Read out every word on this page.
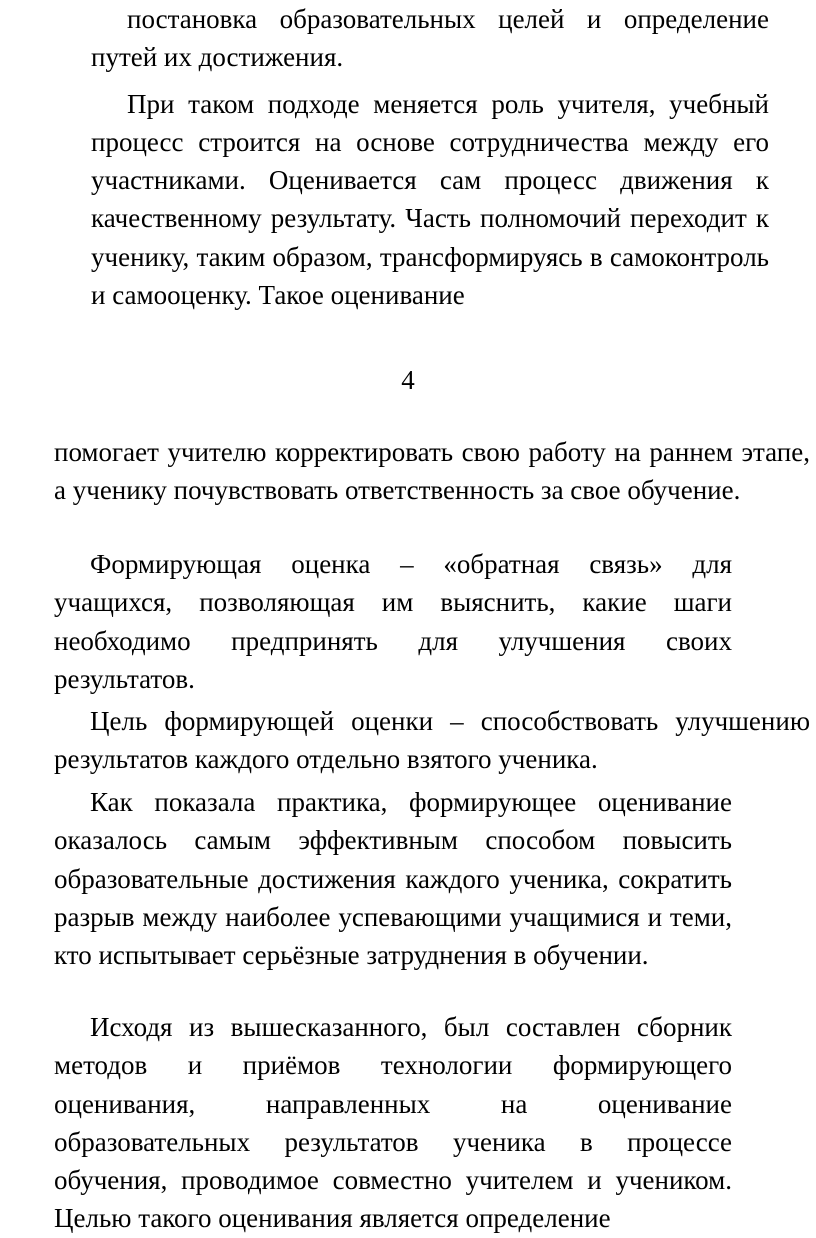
постановка образовательных целей и определение путей их достижения.

При таком подходе меняется роль учителя, учебный процесс строится на основе сотрудничества между его участниками. Оценивается сам процесс движения к качественному результату. Часть полномочий переходит к ученику, таким образом, трансформируясь в самоконтроль и самооценку. Такое оценивание

4

помогает учителю корректировать свою работу на раннем этапе, а ученику почувствовать ответственность за свое обучение.

Формирующая оценка – «обратная связь» для учащихся, позволяющая им выяснить, какие шаги необходимо предпринять для улучшения своих результатов.

Цель формирующей оценки – способствовать улучшению результатов каждого отдельно взятого ученика.

Как показала практика, формирующее оценивание оказалось самым эффективным способом повысить образовательные достижения каждого ученика, сократить разрыв между наиболее успевающими учащимися и теми, кто испытывает серьёзные затруднения в обучении.

Исходя из вышесказанного, был составлен сборник методов и приёмов технологии формирующего оценивания, направленных на оценивание образовательных результатов ученика в процессе обучения, проводимое совместно учителем и учеником. Целью такого оценивания является определение
